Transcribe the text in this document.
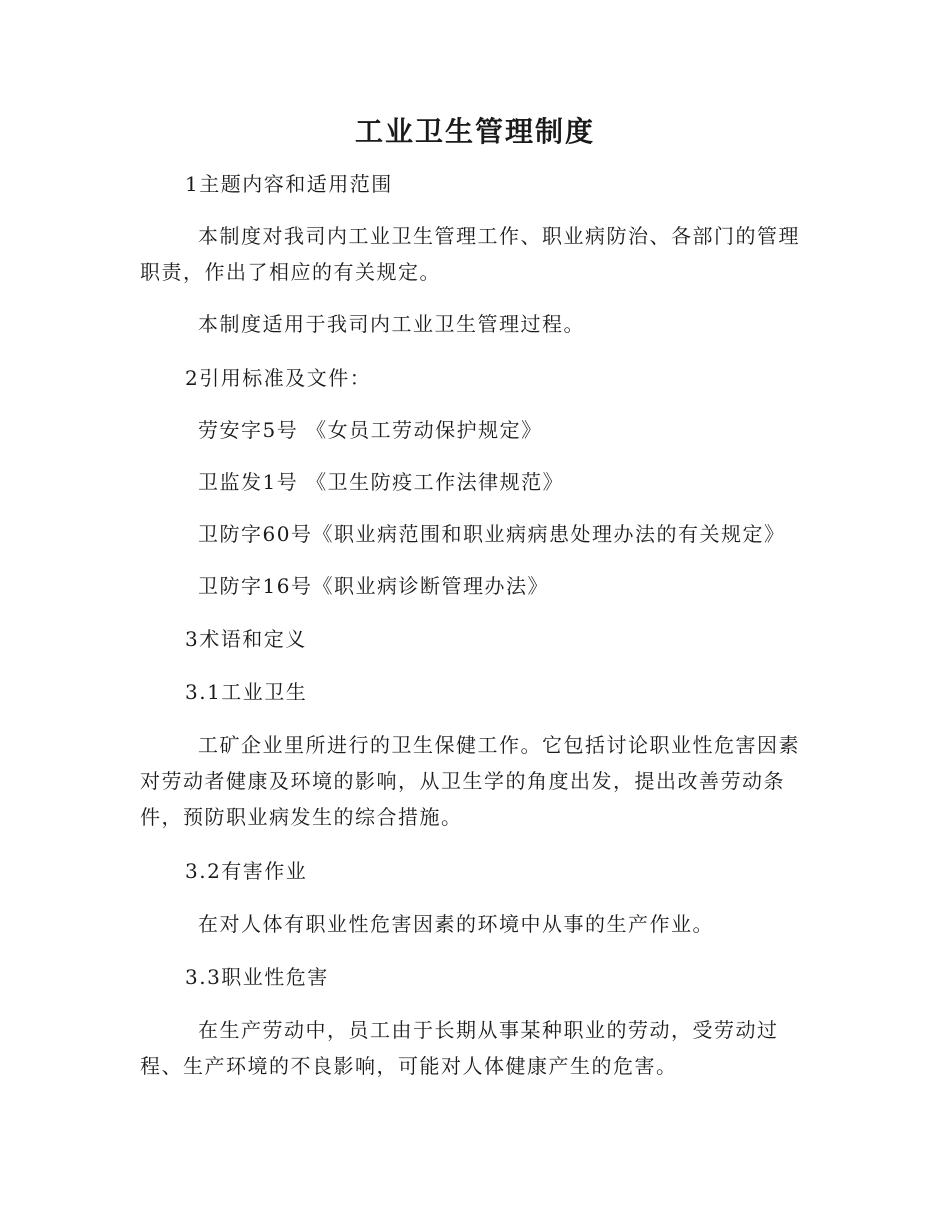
工业卫生管理制度
1主题内容和适用范围
本制度对我司内工业卫生管理工作、职业病防治、各部门的管理
职责，作出了相应的有关规定。
本制度适用于我司内工业卫生管理过程。
2引用标准及文件：
劳安字5号 《女员工劳动保护规定》
卫监发1号 《卫生防疫工作法律规范》
卫防字60号《职业病范围和职业病病患处理办法的有关规定》
卫防字16号《职业病诊断管理办法》
3术语和定义
3.1工业卫生
工矿企业里所进行的卫生保健工作。它包括讨论职业性危害因素
对劳动者健康及环境的影响，从卫生学的角度出发，提出改善劳动条
件，预防职业病发生的综合措施。
3.2有害作业
在对人体有职业性危害因素的环境中从事的生产作业。
3.3职业性危害
在生产劳动中，员工由于长期从事某种职业的劳动，受劳动过
程、生产环境的不良影响，可能对人体健康产生的危害。
